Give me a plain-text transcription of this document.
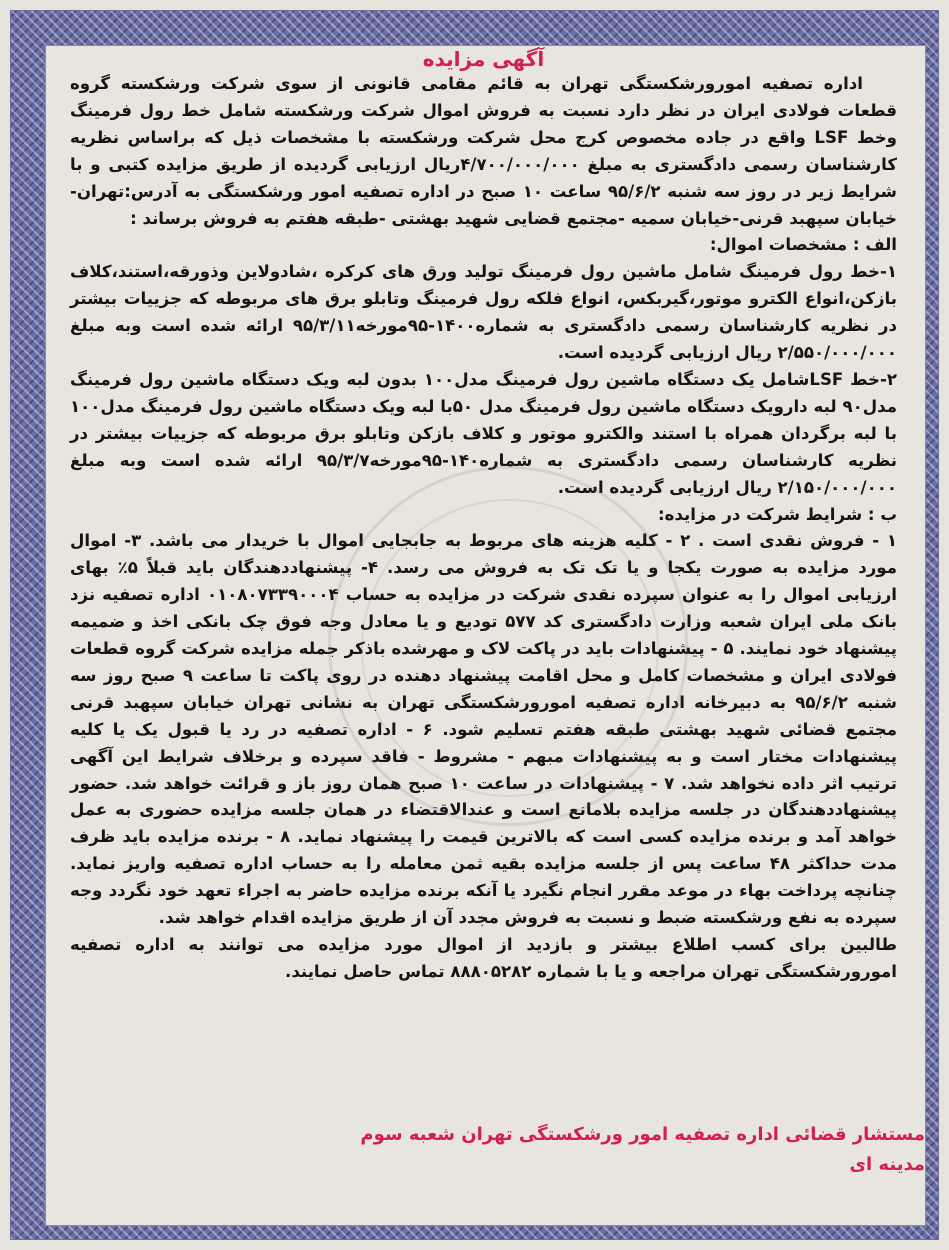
آگهی مزایده

اداره تصفیه امورورشکستگی تهران به قائم مقامی قانونی از سوی شرکت ورشکسته گروه قطعات فولادی ایران در نظر دارد نسبت به فروش اموال شرکت ورشکسته شامل خط رول فرمینگ وخط LSF واقع در جاده مخصوص کرج محل شرکت ورشکسته با مشخصات ذیل که براساس نظریه کارشناسان رسمی دادگستری به مبلغ ۴/۷۰۰/۰۰۰/۰۰۰ریال ارزیابی گردیده از طریق مزایده کتبی و با شرایط زیر در روز سه شنبه ۹۵/۶/۲ ساعت ۱۰ صبح در اداره تصفیه امور ورشکستگی به آدرس:تهران-خیابان سپهبد قرنی-خیابان سمیه -مجتمع قضایی شهید بهشتی -طبقه هفتم به فروش برساند :
الف : مشخصات اموال:
۱-خط رول فرمینگ شامل ماشین رول فرمینگ تولید ورق های کرکره ،شادولاین وذورقه،استند،کلاف بازکن،انواع الکترو موتور،گیربکس، انواع فلکه رول فرمینگ وتابلو برق های مربوطه که جزییات بیشتر در نظریه کارشناسان رسمی دادگستری به شماره۱۴۰۰-۹۵مورخه۹۵/۳/۱۱ ارائه شده است وبه مبلغ ۲/۵۵۰/۰۰۰/۰۰۰ ریال ارزیابی گردیده است.
۲-خط LSFشامل یک دستگاه ماشین رول فرمینگ مدل۱۰۰ بدون لبه ویک دستگاه ماشین رول فرمینگ مدل۹۰ لبه دارویک دستگاه ماشین رول فرمینگ مدل ۵۰با لبه ویک دستگاه ماشین رول فرمینگ مدل۱۰۰ با لبه برگردان همراه با استند والکترو موتور و کلاف بازکن وتابلو برق مربوطه که جزییات بیشتر در نظریه کارشناسان رسمی دادگستری به شماره۱۴۰-۹۵مورخه۹۵/۳/۷ ارائه شده است وبه مبلغ ۲/۱۵۰/۰۰۰/۰۰۰ ریال ارزیابی گردیده است.
ب : شرایط شرکت در مزایده:
۱ - فروش نقدی است . ۲ - کلیه هزینه های مربوط به جابجایی اموال با خریدار می باشد. ۳- اموال مورد مزایده به صورت یکجا و یا تک تک به فروش می رسد. ۴- پیشنهاددهندگان باید قبلاً ۵٪ بهای ارزیابی اموال را به عنوان سپرده نقدی شرکت در مزایده به حساب ۰۱۰۸۰۷۳۳۹۰۰۰۴ اداره تصفیه نزد بانک ملی ایران شعبه وزارت دادگستری کد ۵۷۷ تودیع و یا معادل وجه فوق چک بانکی اخذ و ضمیمه پیشنهاد خود نمایند. ۵ - پیشنهادات باید در پاکت لاک و مهرشده باذکر جمله مزایده شرکت گروه قطعات فولادی ایران و مشخصات کامل و محل اقامت پیشنهاد دهنده در روی پاکت تا ساعت ۹ صبح روز سه شنبه ۹۵/۶/۲ به دبیرخانه اداره تصفیه امورورشکستگی تهران به نشانی تهران خیابان سپهبد قرنی مجتمع قضائی شهید بهشتی طبقه هفتم تسلیم شود. ۶ - اداره تصفیه در رد یا قبول یک یا کلیه پیشنهادات مختار است و به پیشنهادات مبهم - مشروط - فاقد سپرده و برخلاف شرایط این آگهی ترتیب اثر داده نخواهد شد. ۷ - پیشنهادات در ساعت ۱۰ صبح همان روز باز و قرائت خواهد شد. حضور پیشنهاددهندگان در جلسه مزایده بلامانع است و عندالاقتضاء در همان جلسه مزایده حضوری به عمل خواهد آمد و برنده مزایده کسی است که بالاترین قیمت را پیشنهاد نماید. ۸ - برنده مزایده باید ظرف مدت حداکثر ۴۸ ساعت پس از جلسه مزایده بقیه ثمن معامله را به حساب اداره تصفیه واریز نماید. چنانچه پرداخت بهاء در موعد مقرر انجام نگیرد یا آنکه برنده مزایده حاضر به اجراء تعهد خود نگردد وجه سپرده به نفع ورشکسته ضبط و نسبت به فروش مجدد آن از طریق مزایده اقدام خواهد شد.
طالبین برای کسب اطلاع بیشتر و بازدید از اموال مورد مزایده می توانند به اداره تصفیه امورورشکستگی تهران مراجعه و یا با شماره ۸۸۸۰۵۲۸۲ تماس حاصل نمایند.

مستشار قضائی اداره تصفیه امور ورشکستگی تهران شعبه سوم
مدینه ای
